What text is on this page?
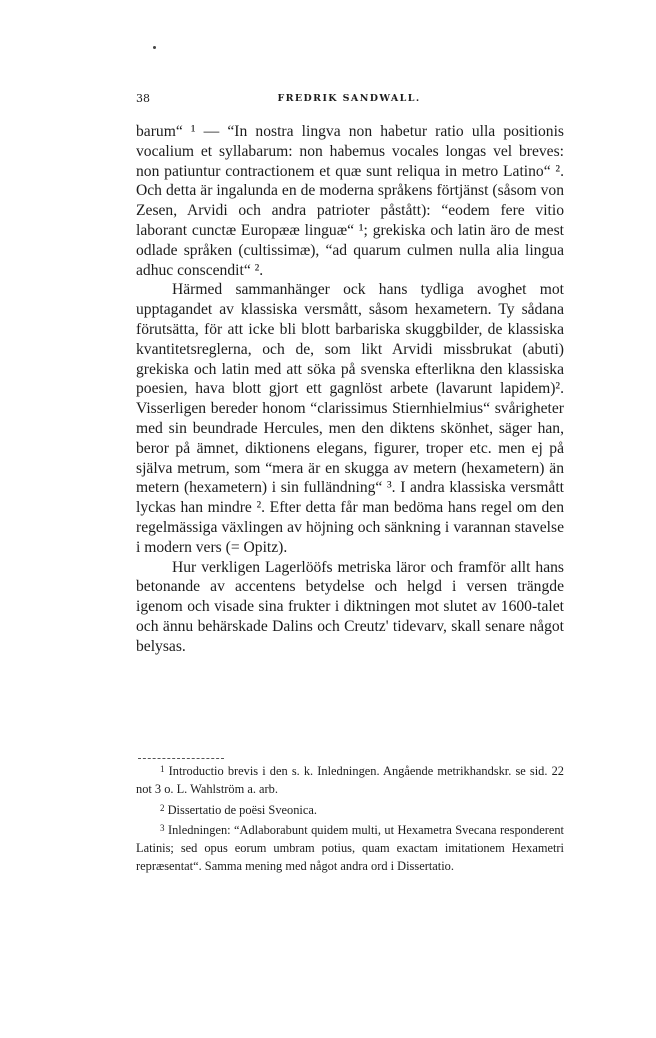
38	FREDRIK SANDWALL.

barum“ ¹ — “In nostra lingva non habetur ratio ulla positionis vocalium et syllabarum: non habemus vocales longas vel breves: non patiuntur contractionem et quæ sunt reliqua in metro Latino“ ². Och detta är ingalunda en de moderna språkens förtjänst (såsom von Zesen, Arvidi och andra patrioter påstått): “eodem fere vitio laborant cunctæ Europææ linguæ“ ¹; grekiska och latin äro de mest odlade språken (cultissimæ), “ad quarum culmen nulla alia lingua adhuc conscendit“ ².

Härmed sammanhänger ock hans tydliga avoghet mot upptagandet av klassiska versmått, såsom hexametern. Ty sådana förutsätta, för att icke bli blott barbariska skuggbilder, de klassiska kvantitetsreglerna, och de, som likt Arvidi missbrukat (abuti) grekiska och latin med att söka på svenska efterlikna den klassiska poesien, hava blott gjort ett gagnlöst arbete (lavarunt lapidem)². Visserligen bereder honom “clarissimus Stiernhielmius“ svårigheter med sin beundrade Hercules, men den diktens skönhet, säger han, beror på ämnet, diktionens elegans, figurer, troper etc. men ej på själva metrum, som “mera är en skugga av metern (hexametern) än metern (hexametern) i sin fulländning“ ³. I andra klassiska versmått lyckas han mindre ². Efter detta får man bedöma hans regel om den regelmässiga växlingen av höjning och sänkning i varannan stavelse i modern vers (= Opitz).

Hur verkligen Lagerlööfs metriska läror och framför allt hans betonande av accentens betydelse och helgd i versen trängde igenom och visade sina frukter i diktningen mot slutet av 1600-talet och ännu behärskade Dalins och Creutz' tidevarv, skall senare något belysas.

$^1$ Introductio brevis i den s. k. Inledningen. Angående metrikhandskr. se sid. 22 not 3 o. L. Wahlström a. arb.

$^2$ Dissertatio de poësi Sveonica.

$^3$ Inledningen: “Adlaborabunt quidem multi, ut Hexametra Svecana responderent Latinis; sed opus eorum umbram potius, quam exactam imitationem Hexametri repræsentat“. Samma mening med något andra ord i Dissertatio.
